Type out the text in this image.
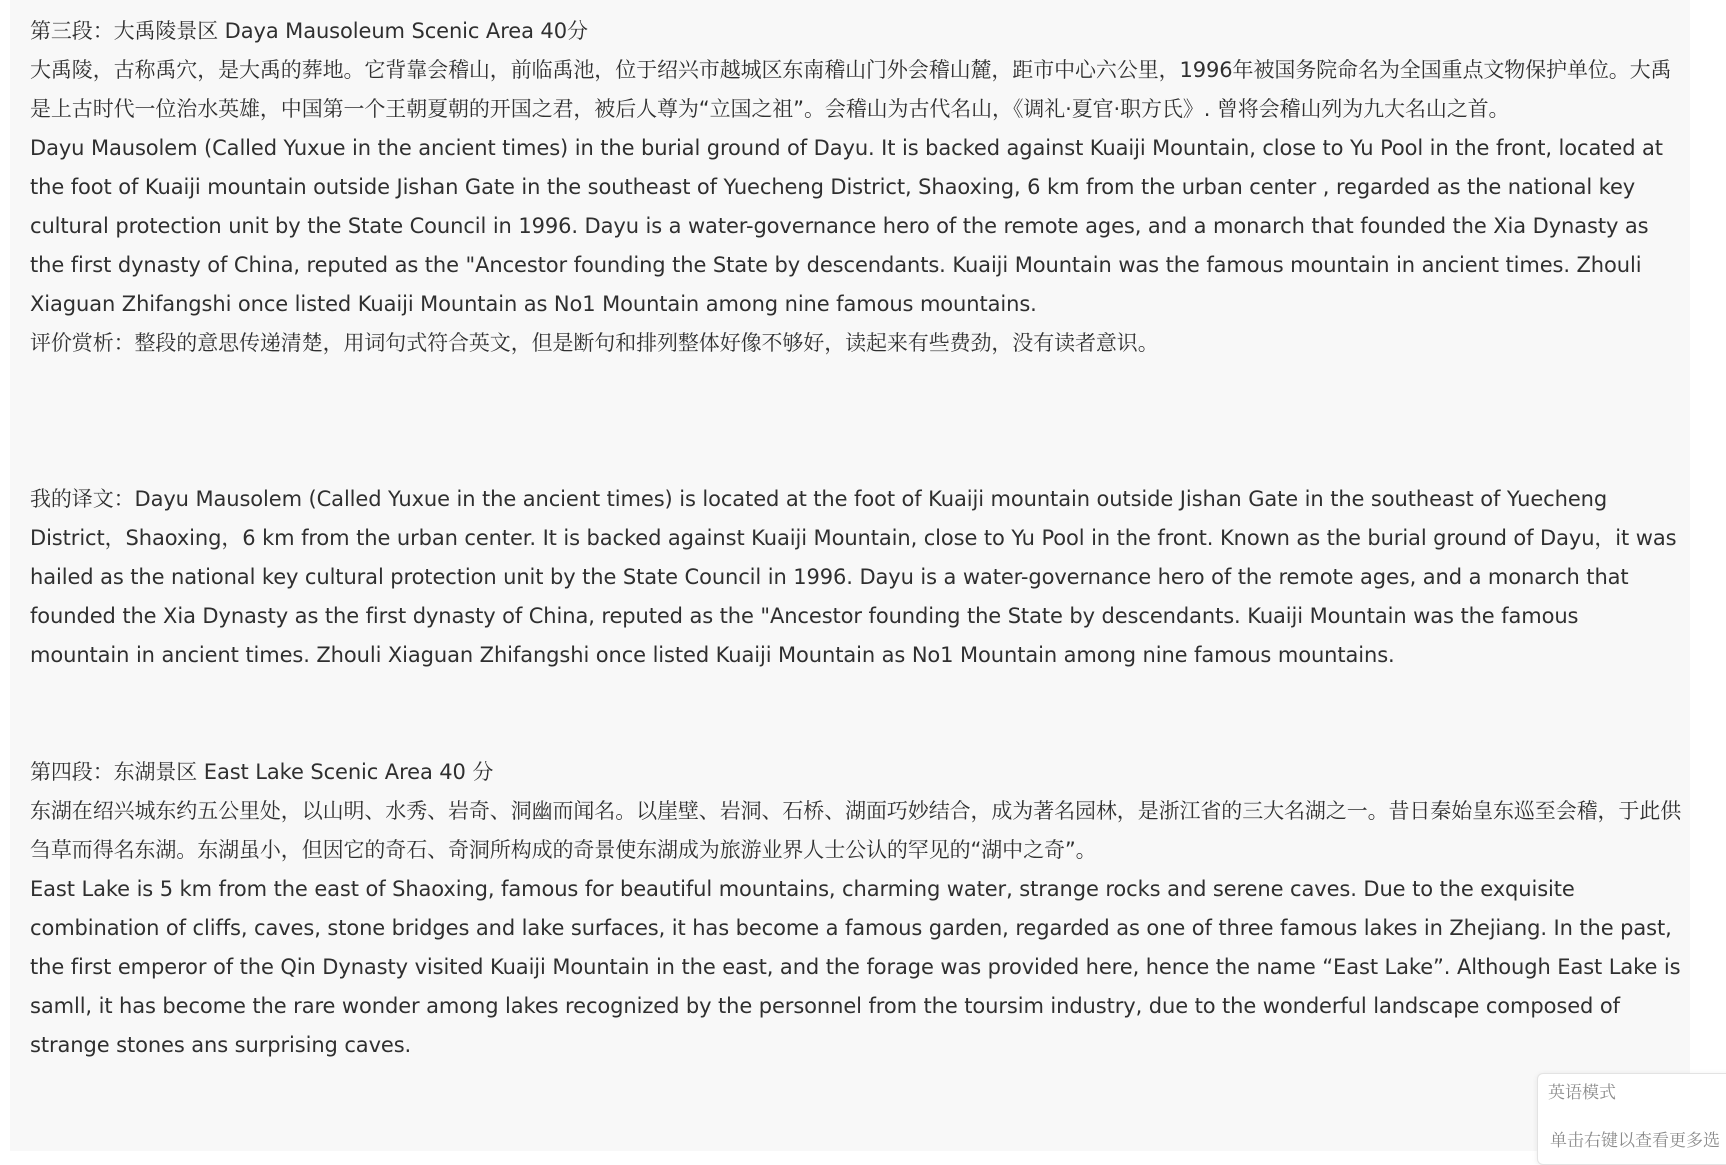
第三段：大禹陵景区 Daya Mausoleum Scenic Area 40分

大禹陵，古称禹穴，是大禹的葬地。它背靠会稽山，前临禹池，位于绍兴市越城区东南稽山门外会稽山麓，距市中心六公里，1996年被国务院命名为全国重点文物保护单位。大禹是上古时代一位治水英雄，中国第一个王朝夏朝的开国之君，被后人尊为“立国之祖”。会稽山为古代名山，《调礼·夏官·职方氏》. 曾将会稽山列为九大名山之首。

Dayu Mausolem (Called Yuxue in the ancient times) in the burial ground of Dayu. It is backed against Kuaiji Mountain, close to Yu Pool in the front, located at the foot of Kuaiji mountain outside Jishan Gate in the southeast of Yuecheng District, Shaoxing, 6 km from the urban center , regarded as the national key cultural protection unit by the State Council in 1996. Dayu is a water-governance hero of the remote ages, and a monarch that founded the Xia Dynasty as the first dynasty of China, reputed as the "Ancestor founding the State by descendants. Kuaiji Mountain was the famous mountain in ancient times. Zhouli Xiaguan Zhifangshi once listed Kuaiji Mountain as No1 Mountain among nine famous mountains.

评价赏析：整段的意思传递清楚，用词句式符合英文，但是断句和排列整体好像不够好，读起来有些费劲，没有读者意识。

我的译文：Dayu Mausolem (Called Yuxue in the ancient times) is located at the foot of Kuaiji mountain outside Jishan Gate in the southeast of Yuecheng District，Shaoxing，6 km from the urban center. It is backed against Kuaiji Mountain, close to Yu Pool in the front. Known as the burial ground of Dayu，it was hailed as the national key cultural protection unit by the State Council in 1996. Dayu is a water-governance hero of the remote ages, and a monarch that founded the Xia Dynasty as the first dynasty of China, reputed as the "Ancestor founding the State by descendants. Kuaiji Mountain was the famous mountain in ancient times. Zhouli Xiaguan Zhifangshi once listed Kuaiji Mountain as No1 Mountain among nine famous mountains.

第四段：东湖景区 East Lake Scenic Area 40 分

东湖在绍兴城东约五公里处，以山明、水秀、岩奇、洞幽而闻名。以崖壁、岩洞、石桥、湖面巧妙结合，成为著名园林，是浙江省的三大名湖之一。昔日秦始皇东巡至会稽，于此供刍草而得名东湖。东湖虽小，但因它的奇石、奇洞所构成的奇景使东湖成为旅游业界人士公认的罕见的“湖中之奇”。

East Lake is 5 km from the east of Shaoxing, famous for beautiful mountains, charming water, strange rocks and serene caves. Due to the exquisite combination of cliffs, caves, stone bridges and lake surfaces, it has become a famous garden, regarded as one of three famous lakes in Zhejiang. In the past, the first emperor of the Qin Dynasty visited Kuaiji Mountain in the east, and the forage was provided here, hence the name “East Lake”. Although East Lake is samll, it has become the rare wonder among lakes recognized by the personnel from the toursim industry, due to the wonderful landscape composed of strange stones ans surprising caves.

英语模式
单击右键以查看更多选
